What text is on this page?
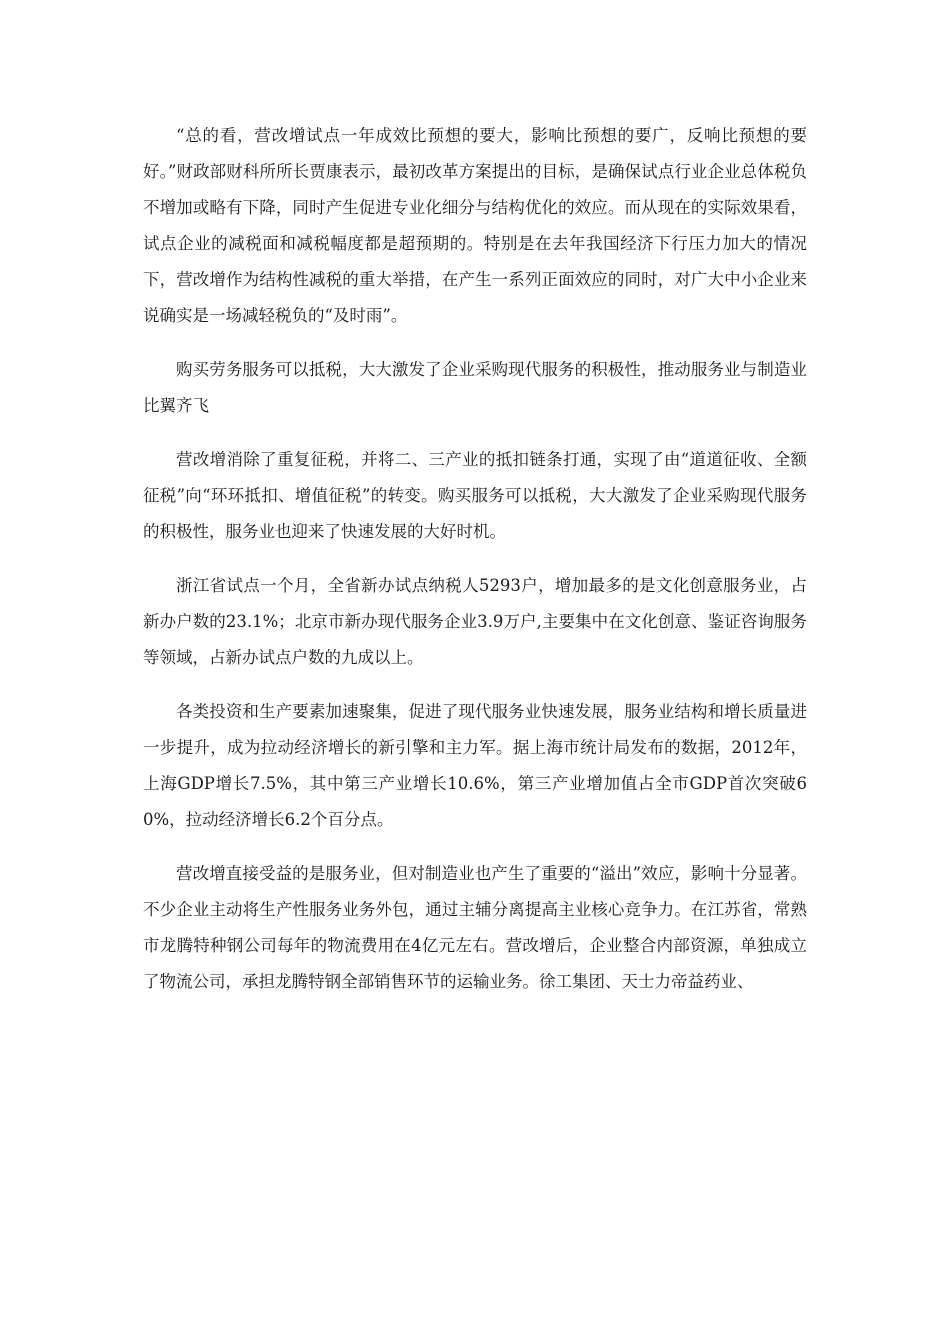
“总的看，营改增试点一年成效比预想的要大，影响比预想的要广，反响比预想的要好。”财政部财科所所长贾康表示，最初改革方案提出的目标，是确保试点行业企业总体税负不增加或略有下降，同时产生促进专业化细分与结构优化的效应。而从现在的实际效果看，试点企业的减税面和减税幅度都是超预期的。特别是在去年我国经济下行压力加大的情况下，营改增作为结构性减税的重大举措，在产生一系列正面效应的同时，对广大中小企业来说确实是一场减轻税负的“及时雨”。

购买劳务服务可以抵税，大大激发了企业采购现代服务的积极性，推动服务业与制造业比翼齐飞

营改增消除了重复征税，并将二、三产业的抵扣链条打通，实现了由“道道征收、全额征税”向“环环抵扣、增值征税”的转变。购买服务可以抵税，大大激发了企业采购现代服务的积极性，服务业也迎来了快速发展的大好时机。

浙江省试点一个月，全省新办试点纳税人5293户，增加最多的是文化创意服务业，占新办户数的23.1%；北京市新办现代服务企业3.9万户,主要集中在文化创意、鉴证咨询服务等领域，占新办试点户数的九成以上。

各类投资和生产要素加速聚集，促进了现代服务业快速发展，服务业结构和增长质量进一步提升，成为拉动经济增长的新引擎和主力军。据上海市统计局发布的数据，2012年，上海GDP增长7.5%，其中第三产业增长10.6%，第三产业增加值占全市GDP首次突破60%，拉动经济增长6.2个百分点。

营改增直接受益的是服务业，但对制造业也产生了重要的“溢出”效应，影响十分显著。不少企业主动将生产性服务业务外包，通过主辅分离提高主业核心竞争力。在江苏省，常熟市龙腾特种钢公司每年的物流费用在4亿元左右。营改增后，企业整合内部资源，单独成立了物流公司，承担龙腾特钢全部销售环节的运输业务。徐工集团、天士力帝益药业、
